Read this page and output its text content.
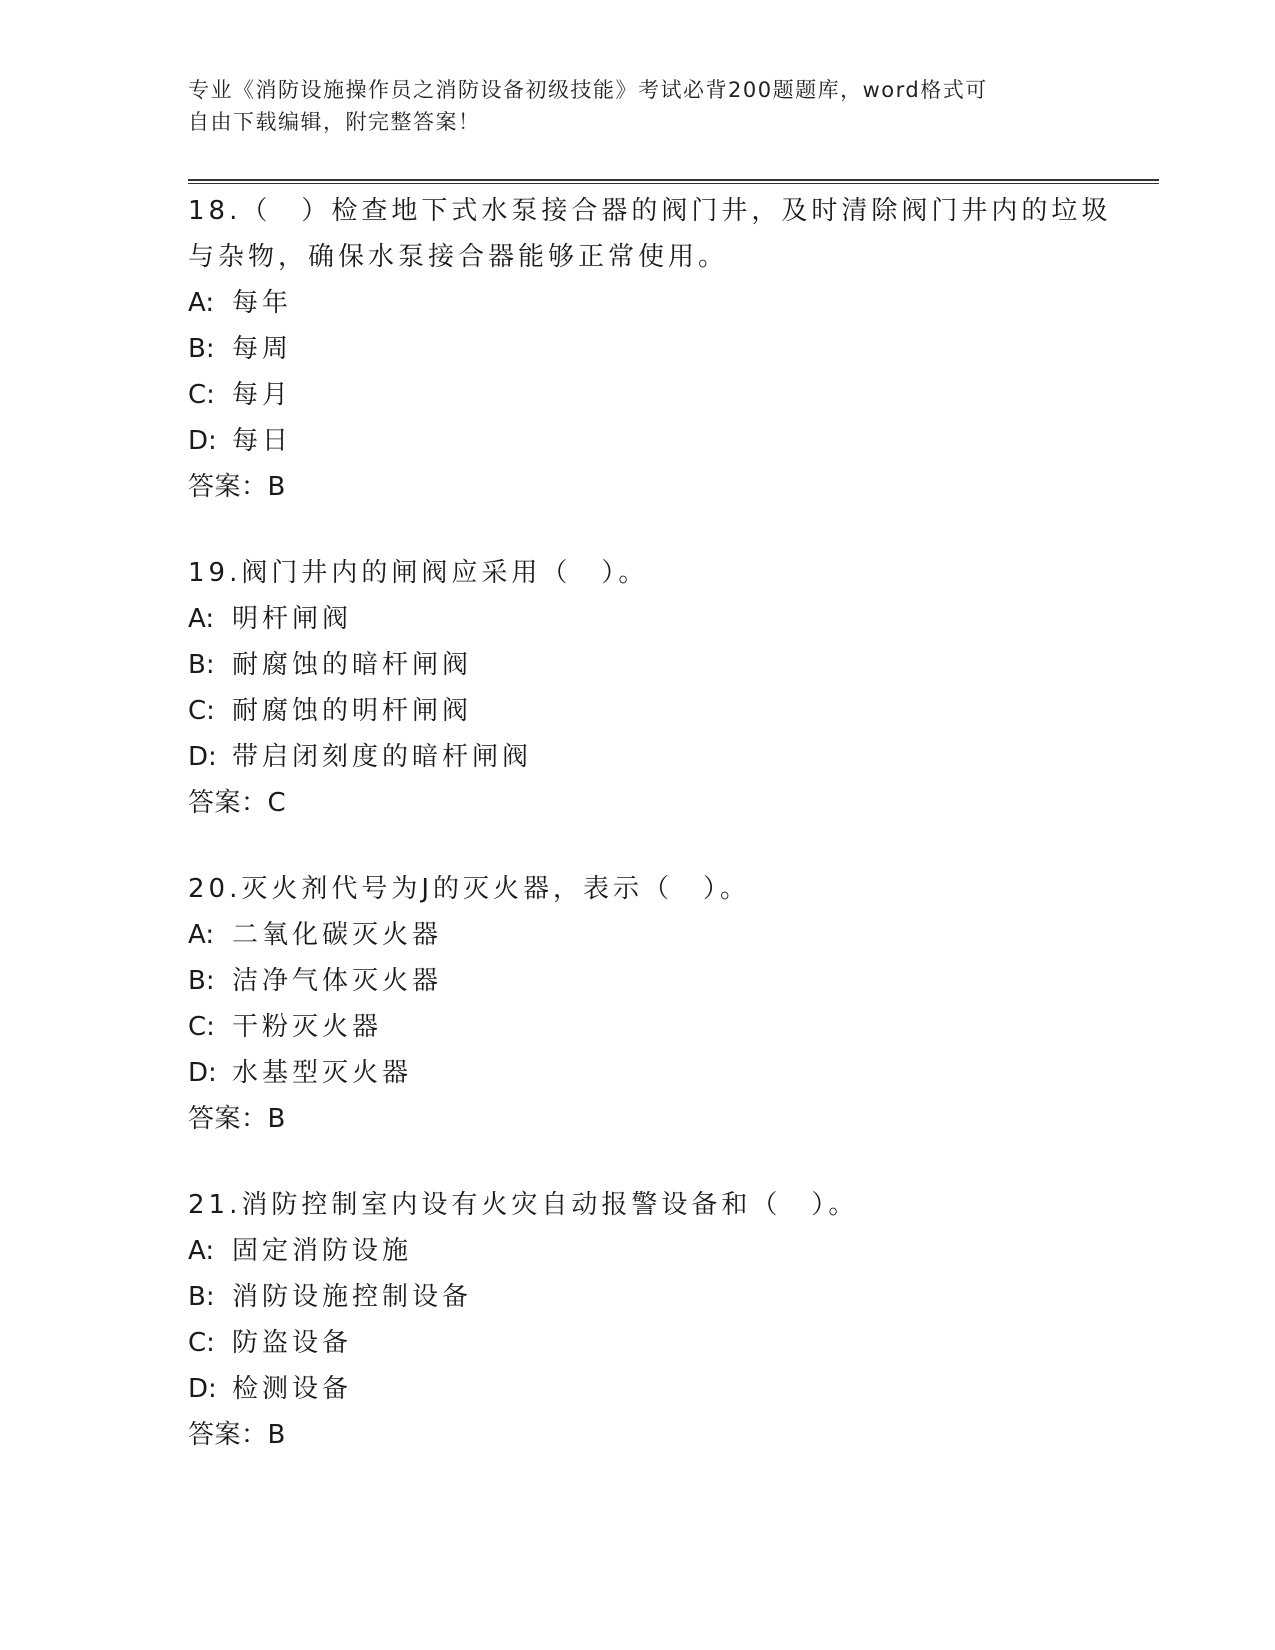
专业《消防设施操作员之消防设备初级技能》考试必背200题题库，word格式可
自由下载编辑，附完整答案！
18.（　）检查地下式水泵接合器的阀门井，及时清除阀门井内的垃圾
与杂物，确保水泵接合器能够正常使用。
A: 每年
B: 每周
C: 每月
D: 每日
答案：B
19.阀门井内的闸阀应采用（　）。
A: 明杆闸阀
B: 耐腐蚀的暗杆闸阀
C: 耐腐蚀的明杆闸阀
D: 带启闭刻度的暗杆闸阀
答案：C
20.灭火剂代号为J的灭火器，表示（　）。
A: 二氧化碳灭火器
B: 洁净气体灭火器
C: 干粉灭火器
D: 水基型灭火器
答案：B
21.消防控制室内设有火灾自动报警设备和（　）。
A: 固定消防设施
B: 消防设施控制设备
C: 防盗设备
D: 检测设备
答案：B
